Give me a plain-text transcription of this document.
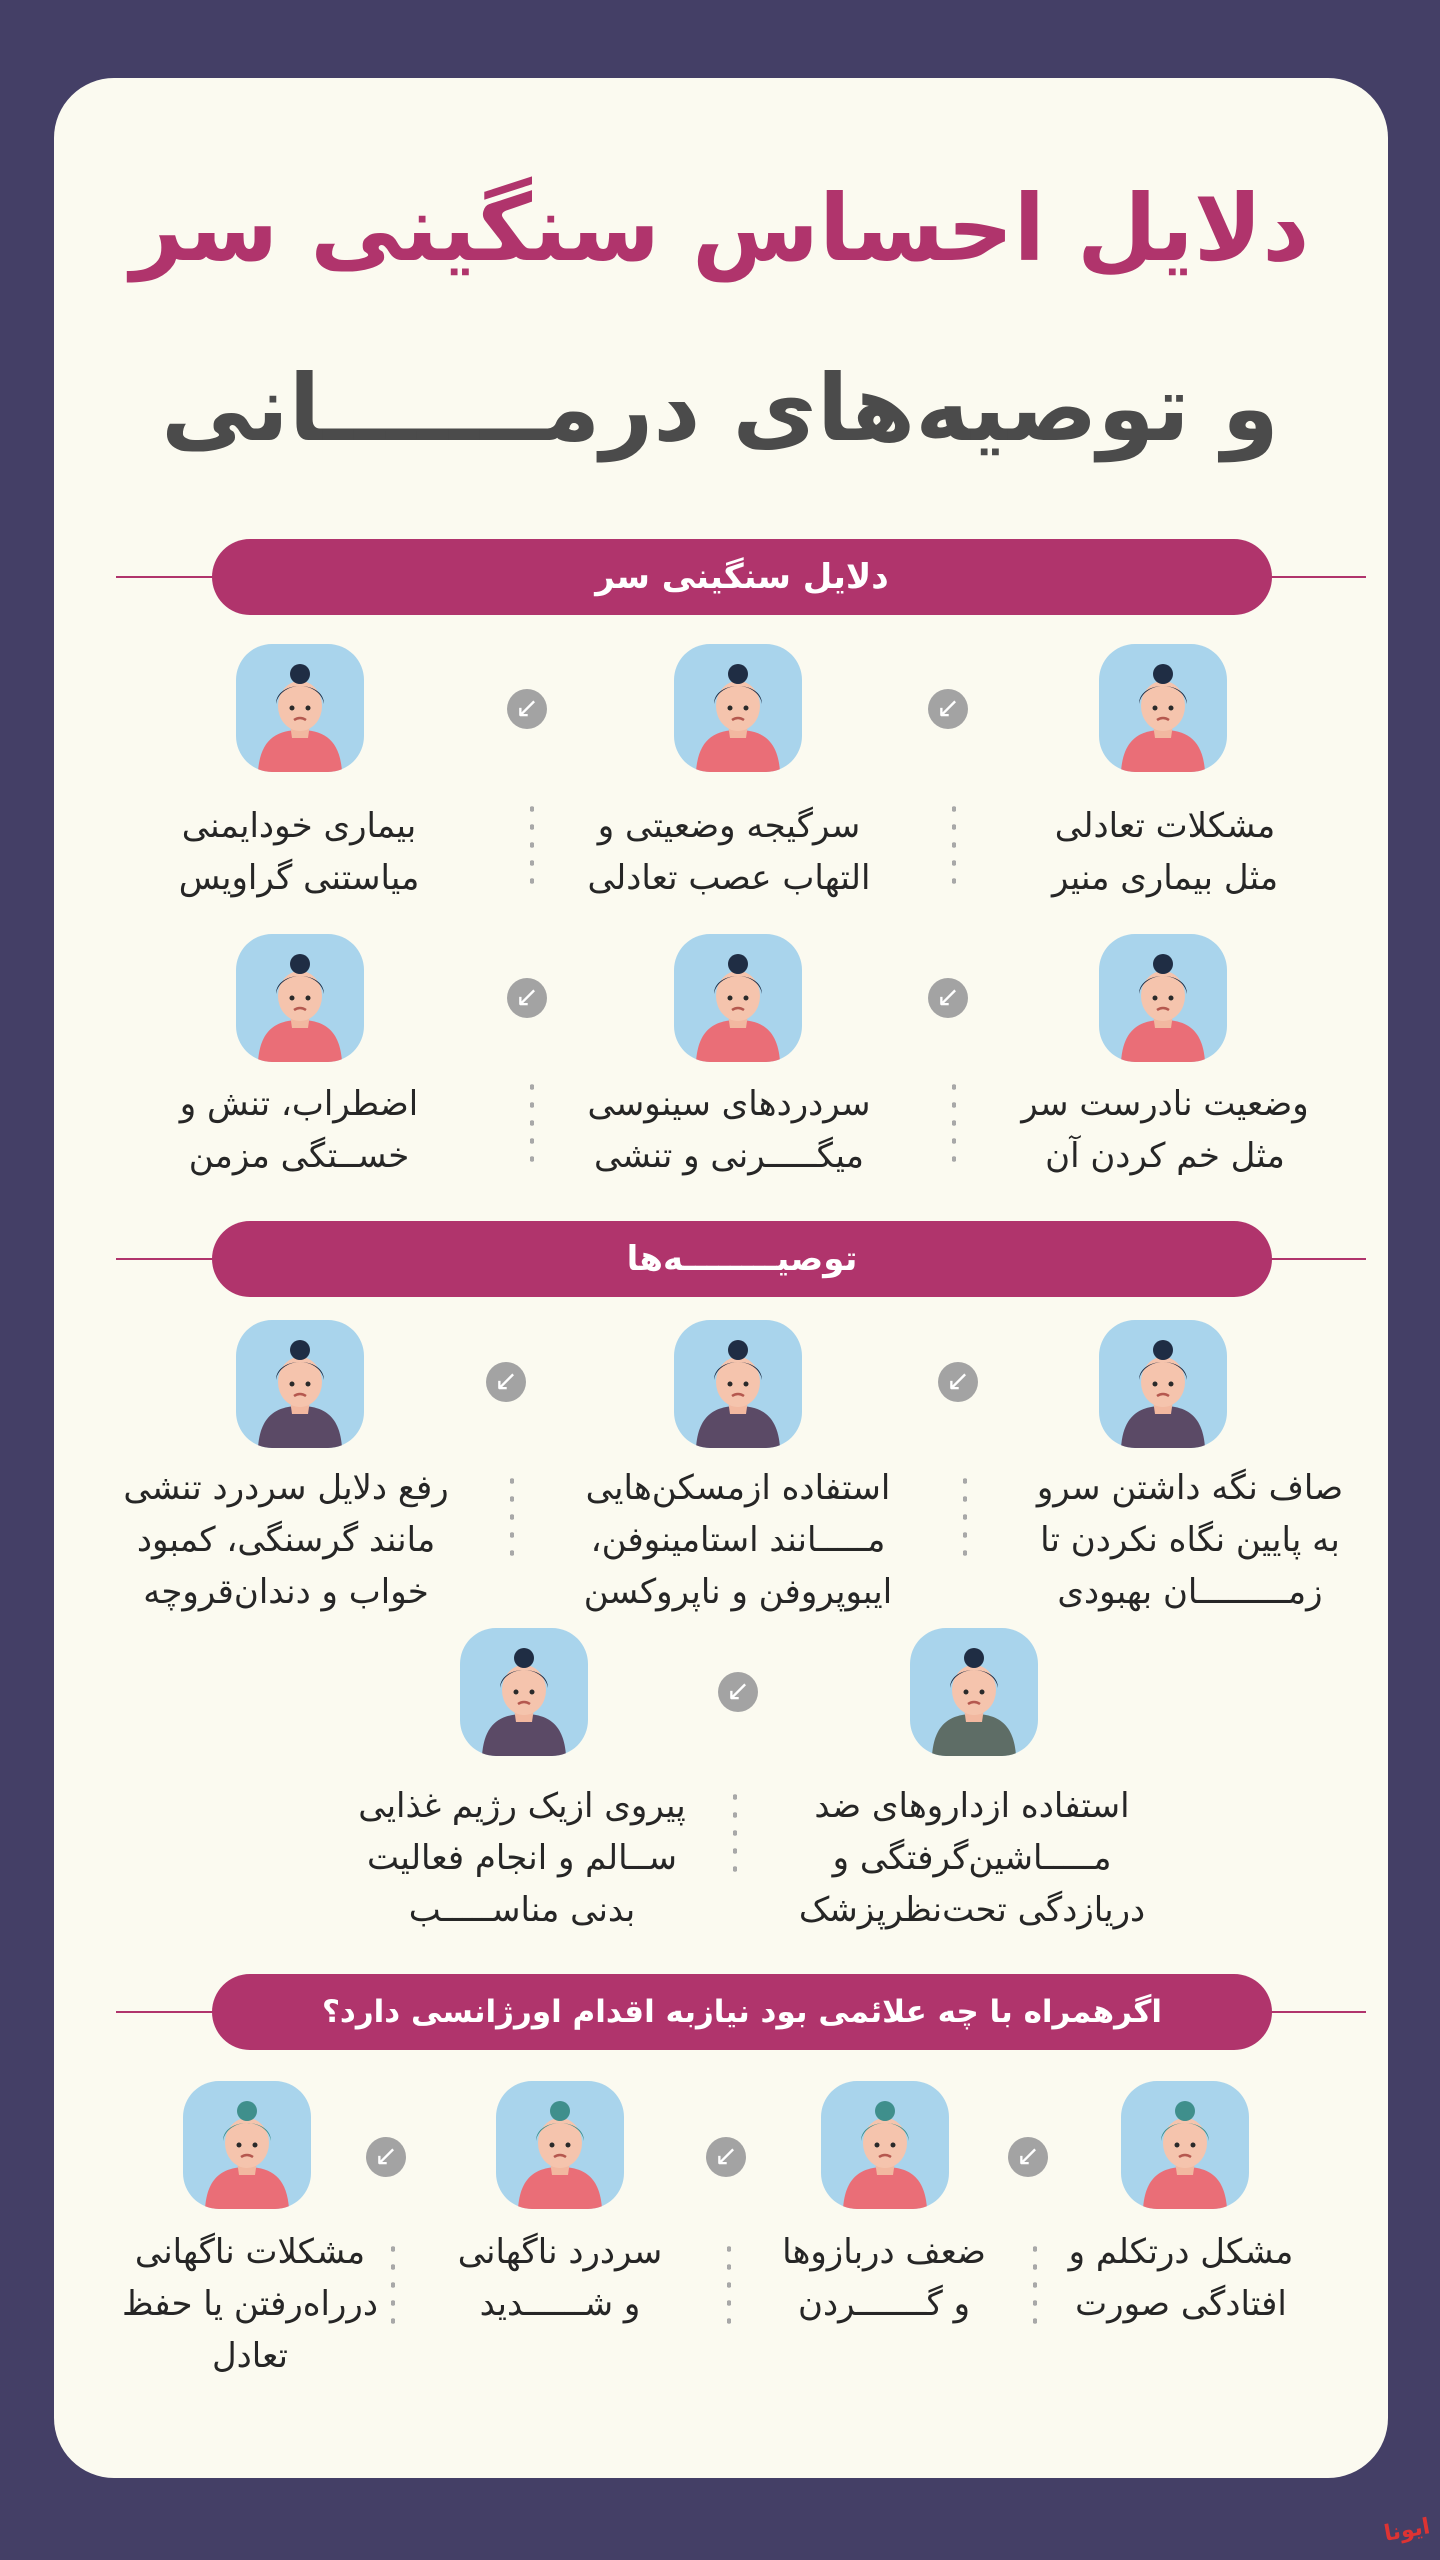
دلایل احساس سنگینی سر
و توصیه‌های درمـــــــانی
دلایل سنگینی سر
↙
↙
مشکلات تعادلی
مثل بیماری منیر
سرگیجه وضعیتی و
التهاب عصب تعادلی
بیماری خودایمنی
میاستنی گراویس
↙
↙
وضعیت نادرست سر
مثل خم کردن آن
سردردهای سینوسی
میگـــــرنی و تنشی
اضطراب، تنش و
خســتگی مزمن
توصیــــــــه‌ها
↙
↙
صاف نگه داشتن سرو
به پایین نگاه نکردن تا
زمـــــــــان بهبودی
استفاده ازمسکن‌هایی
مـــــانند استامینوفن،
ایبوپروفن و ناپروکسن
رفع دلایل سردرد تنشی
مانند گرسنگی، کمبود
خواب و دندان‌قروچه
↙
استفاده ازداروهای ضد
مـــــاشین‌گرفتگی و
دریازدگی تحت‌نظرپزشک
پیروی ازیک رژیم غذایی
ســالم و انجام فعالیت
بدنی مناســـــب
اگرهمراه با چه علائمی بود نیازبه اقدام اورژانسی دارد؟
↙
↙
↙
مشکل درتکلم و
افتادگی صورت
ضعف دربازوها
و گـــــــردن
سردرد ناگهانی
و شــــــدید
مشکلات ناگهانی
درراه‌رفتن یا حفظ
تعادل
ایونا
